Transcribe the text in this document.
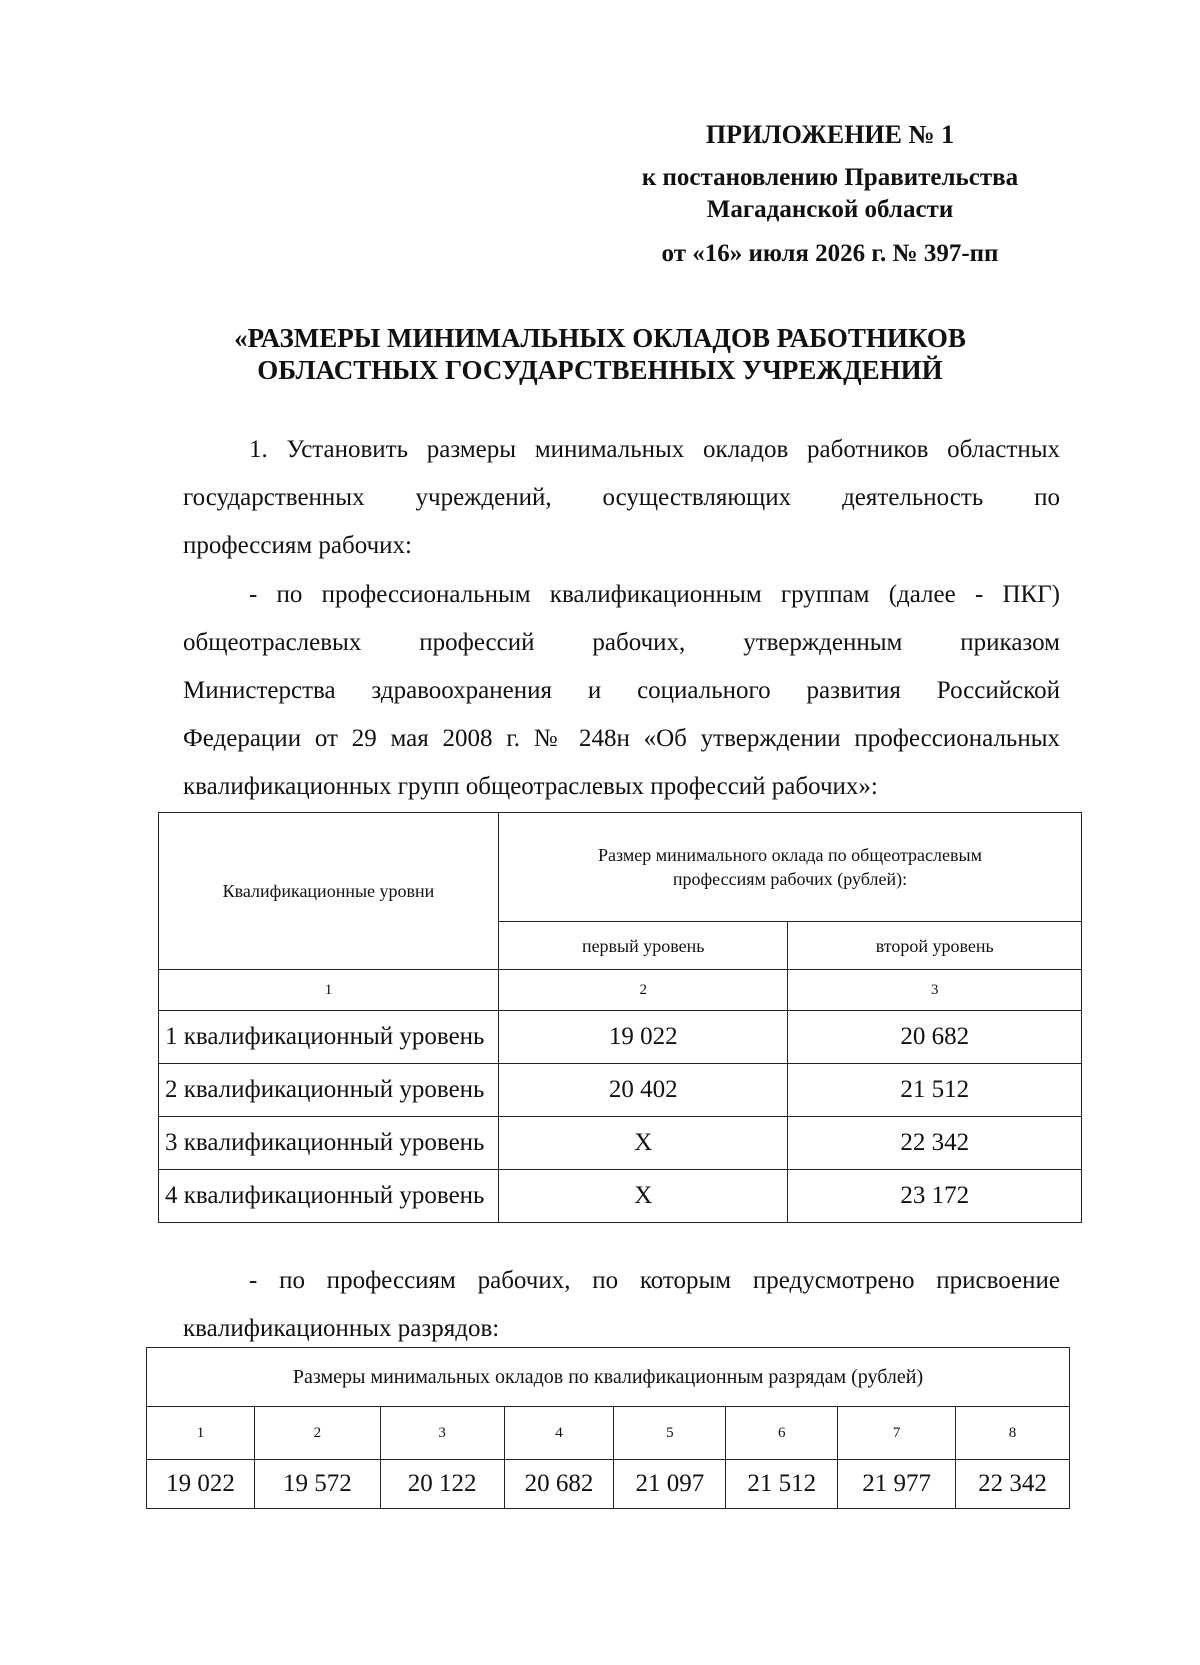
ПРИЛОЖЕНИЕ № 1
к постановлению Правительства
Магаданской области
от «16» июля 2026 г. № 397-пп
«РАЗМЕРЫ МИНИМАЛЬНЫХ ОКЛАДОВ РАБОТНИКОВ
ОБЛАСТНЫХ ГОСУДАРСТВЕННЫХ УЧРЕЖДЕНИЙ
1. Установить размеры минимальных окладов работников областных
государственных учреждений, осуществляющих деятельность по
профессиям рабочих:
- по профессиональным квалификационным группам (далее - ПКГ)
общеотраслевых профессий рабочих, утвержденным приказом
Министерства здравоохранения и социального развития Российской
Федерации от 29 мая 2008 г. № 248н «Об утверждении профессиональных
квалификационных групп общеотраслевых профессий рабочих»:
Квалификационные уровни	Размер минимального оклада по общеотраслевым
профессиям рабочих (рублей):	

	первый уровень	второй уровень
1	2	3
1 квалификационный уровень	19 022	20 682
2 квалификационный уровень	20 402	21 512
3 квалификационный уровень	X	22 342
4 квалификационный уровень	X	23 172
- по профессиям рабочих, по которым предусмотрено присвоение
квалификационных разрядов:
Размеры минимальных окладов по квалификационным разрядам (рублей)							
1	2	3	4	5	6	7	8
19 022	19 572	20 122	20 682	21 097	21 512	21 977	22 342
